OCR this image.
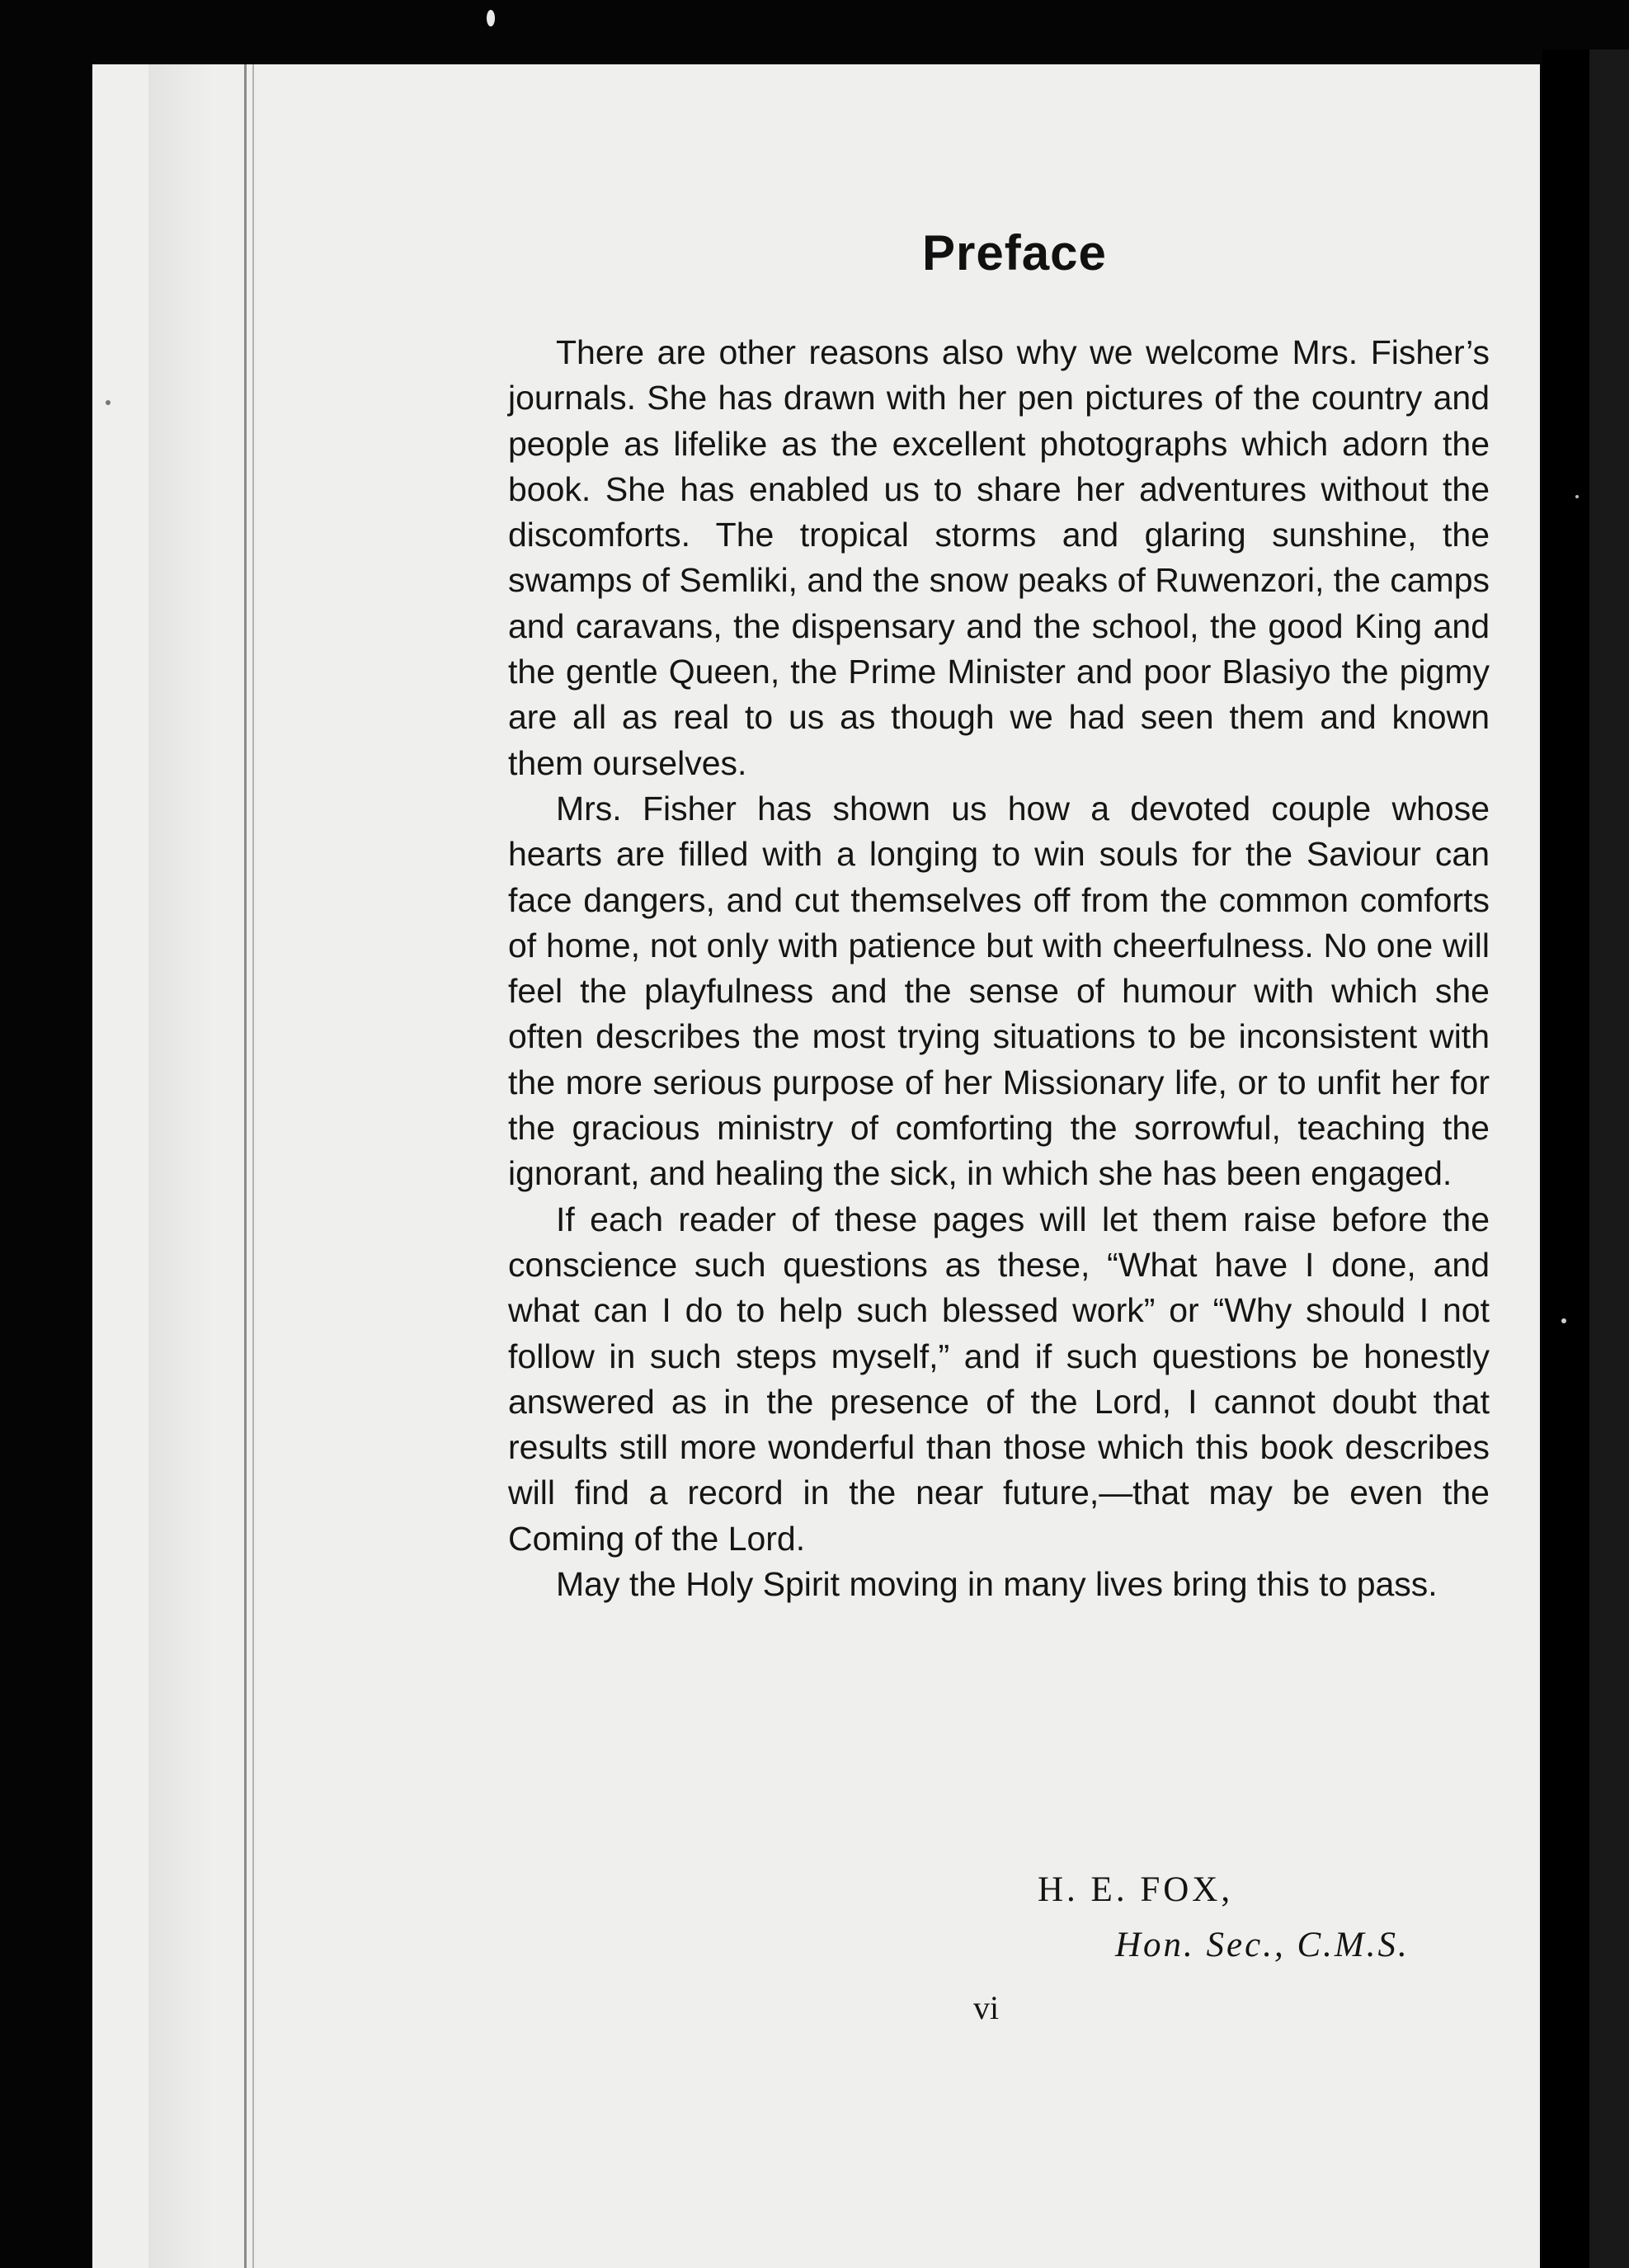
Preface

There are other reasons also why we welcome Mrs. Fisher’s journals. She has drawn with her pen pictures of the country and people as lifelike as the excellent photographs which adorn the book. She has enabled us to share her adventures without the discomforts. The tropical storms and glaring sunshine, the swamps of Semliki, and the snow peaks of Ruwenzori, the camps and caravans, the dispensary and the school, the good King and the gentle Queen, the Prime Minister and poor Blasiyo the pigmy are all as real to us as though we had seen them and known them ourselves.

Mrs. Fisher has shown us how a devoted couple whose hearts are filled with a longing to win souls for the Saviour can face dangers, and cut themselves off from the common comforts of home, not only with patience but with cheerfulness. No one will feel the playfulness and the sense of humour with which she often describes the most trying situations to be inconsistent with the more serious purpose of her Missionary life, or to unfit her for the gracious ministry of comforting the sorrowful, teaching the ignorant, and healing the sick, in which she has been engaged.

If each reader of these pages will let them raise before the conscience such questions as these, “What have I done, and what can I do to help such blessed work” or “Why should I not follow in such steps myself,” and if such questions be honestly answered as in the presence of the Lord, I cannot doubt that results still more wonderful than those which this book describes will find a record in the near future,—that may be even the Coming of the Lord.

May the Holy Spirit moving in many lives bring this to pass.

H. E. FOX,
Hon. Sec., C.M.S.
vi
